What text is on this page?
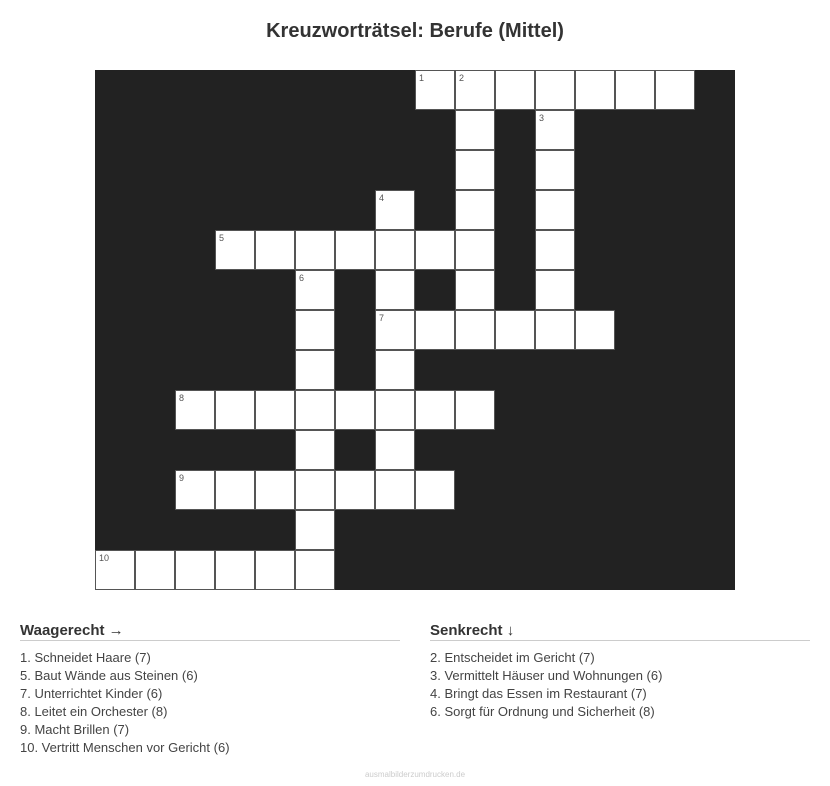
Kreuzworträtsel: Berufe (Mittel)
1	2
3
4
5
6
7
8
9
10
Waagerecht →
1. Schneidet Haare (7)
5. Baut Wände aus Steinen (6)
7. Unterrichtet Kinder (6)
8. Leitet ein Orchester (8)
9. Macht Brillen (7)
10. Vertritt Menschen vor Gericht (6)
Senkrecht ↓
2. Entscheidet im Gericht (7)
3. Vermittelt Häuser und Wohnungen (6)
4. Bringt das Essen im Restaurant (7)
6. Sorgt für Ordnung und Sicherheit (8)
ausmalbilderzumdrucken.de
